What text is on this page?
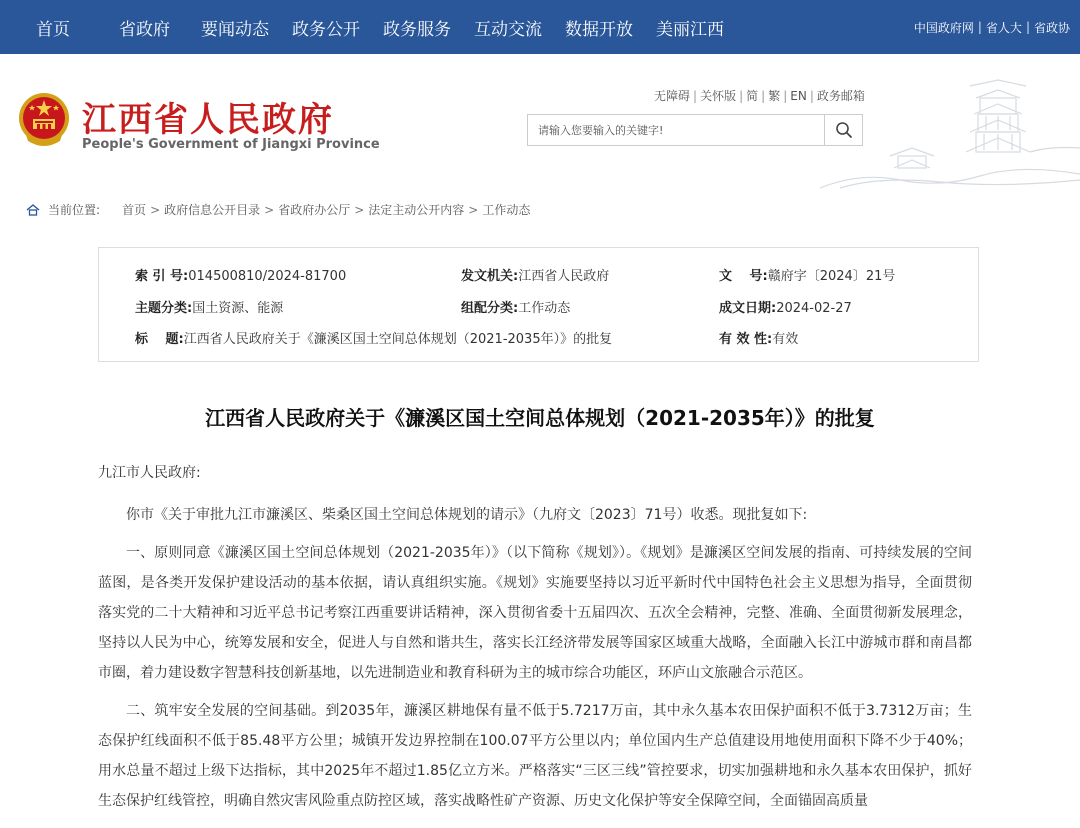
首页	省政府	要闻动态	政务公开	政务服务	互动交流	数据开放	美丽江西	中国政府网 | 省人大 | 省政协
江西省人民政府
People's Government of Jiangxi Province
无障碍 | 关怀版 | 简 | 繁 | EN | 政务邮箱
请输入您要输入的关键字!
当前位置: 首页 > 政府信息公开目录 > 省政府办公厅 > 法定主动公开内容 > 工作动态
索 引 号:014500810/2024-81700	发文机关:江西省人民政府	文　 号:赣府字〔2024〕21号
主题分类:国土资源、能源	组配分类:工作动态	成文日期:2024-02-27
标　 题:江西省人民政府关于《濂溪区国土空间总体规划（2021-2035年）》的批复	有 效 性:有效
江西省人民政府关于《濂溪区国土空间总体规划（2021-2035年）》的批复

九江市人民政府:

你市《关于审批九江市濂溪区、柴桑区国土空间总体规划的请示》（九府文〔2023〕71号）收悉。现批复如下:

一、原则同意《濂溪区国土空间总体规划（2021-2035年）》（以下简称《规划》）。《规划》是濂溪区空间发展的指南、可持续发展的空间蓝图，是各类开发保护建设活动的基本依据，请认真组织实施。《规划》实施要坚持以习近平新时代中国特色社会主义思想为指导，全面贯彻落实党的二十大精神和习近平总书记考察江西重要讲话精神，深入贯彻省委十五届四次、五次全会精神，完整、准确、全面贯彻新发展理念，坚持以人民为中心，统筹发展和安全，促进人与自然和谐共生，落实长江经济带发展等国家区域重大战略，全面融入长江中游城市群和南昌都市圈，着力建设数字智慧科技创新基地，以先进制造业和教育科研为主的城市综合功能区，环庐山文旅融合示范区。

二、筑牢安全发展的空间基础。到2035年，濂溪区耕地保有量不低于5.7217万亩，其中永久基本农田保护面积不低于3.7312万亩；生态保护红线面积不低于85.48平方公里；城镇开发边界控制在100.07平方公里以内；单位国内生产总值建设用地使用面积下降不少于40%；用水总量不超过上级下达指标，其中2025年不超过1.85亿立方米。严格落实“三区三线”管控要求，切实加强耕地和永久基本农田保护，抓好生态保护红线管控，明确自然灾害风险重点防控区域，落实战略性矿产资源、历史文化保护等安全保障空间，全面锚固高质量
